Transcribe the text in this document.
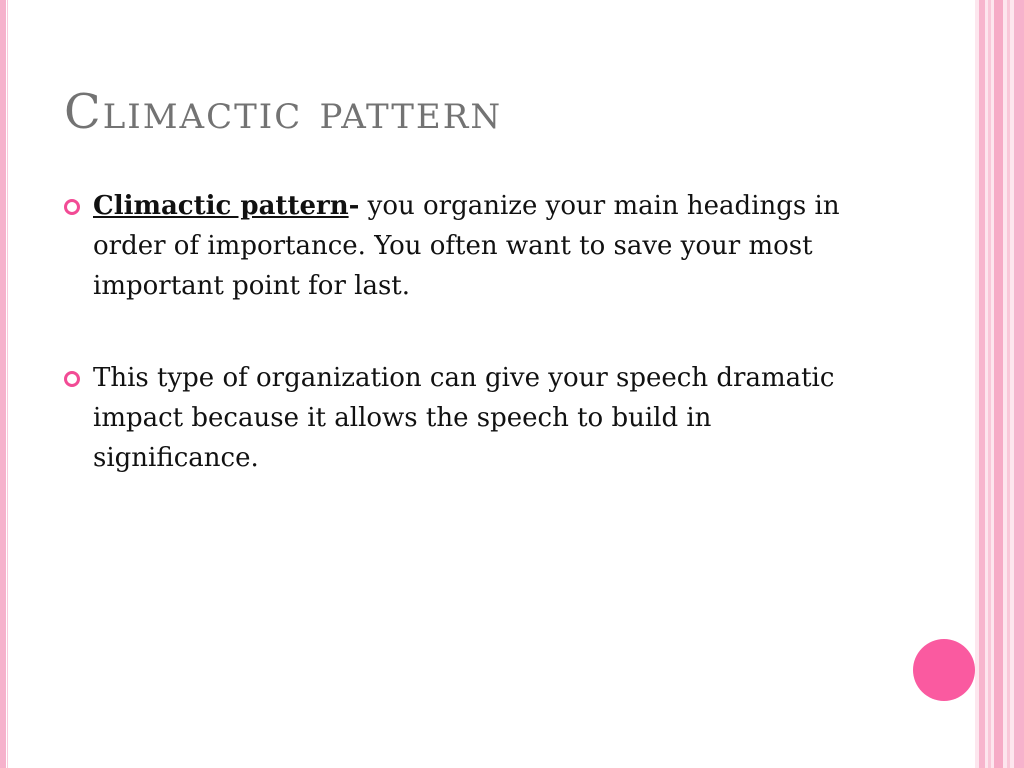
Climactic pattern
Climactic pattern- you organize your main headings in order of importance. You often want to save your most important point for last.
This type of organization can give your speech dramatic impact because it allows the speech to build in significance.
